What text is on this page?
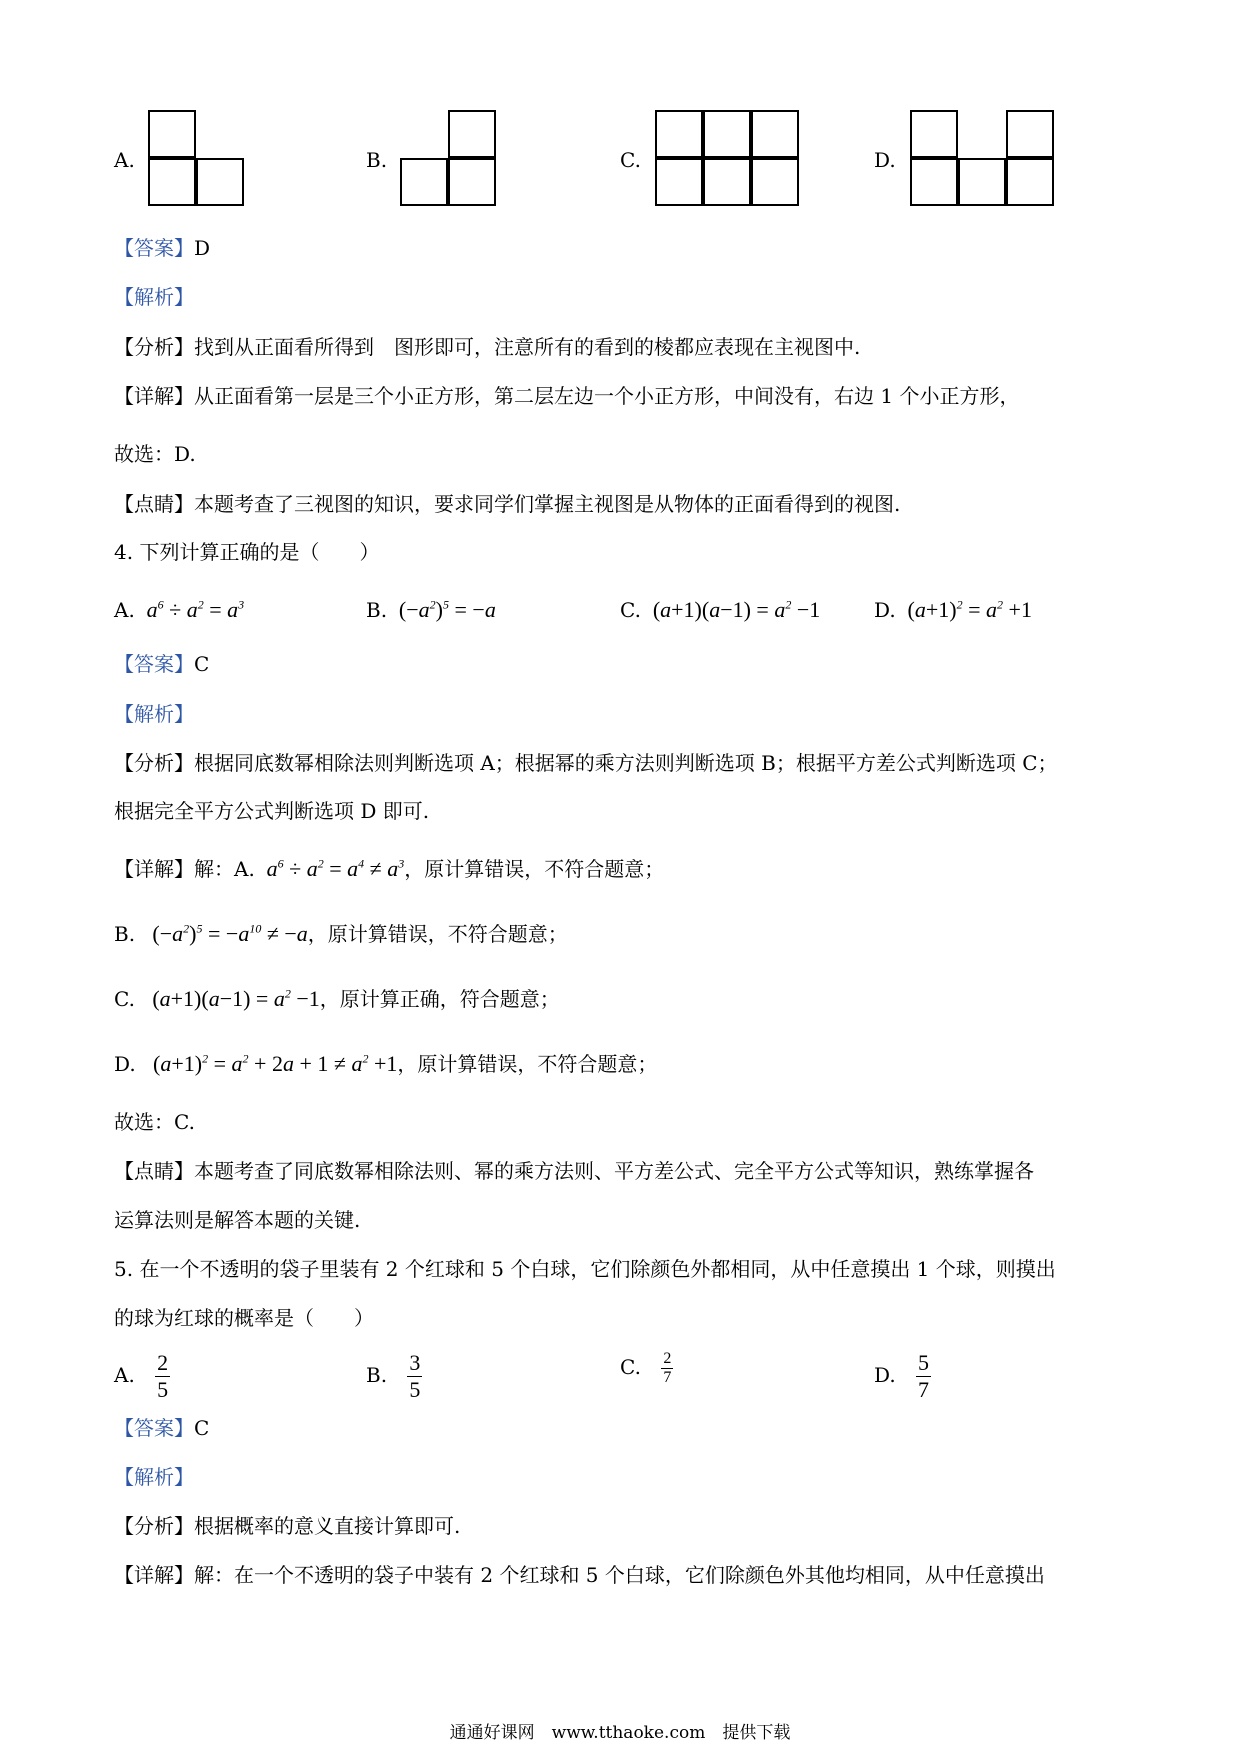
A.	B.	C.	D.
【答案】D
【解析】
【分析】找到从正面看所得到　图形即可，注意所有的看到的棱都应表现在主视图中.
【详解】从正面看第一层是三个小正方形，第二层左边一个小正方形，中间没有，右边 1 个小正方形，
故选：D.
【点睛】本题考查了三视图的知识，要求同学们掌握主视图是从物体的正面看得到的视图.
4. 下列计算正确的是（　　）
A.  $a^6 \div a^2 = a^3$	B. $(-a^2)^5 = -a$	C. $(a+1)(a-1) = a^2 -1$	D. $(a+1)^2 = a^2 +1$
【答案】C
【解析】
【分析】根据同底数幂相除法则判断选项 A；根据幂的乘方法则判断选项 B；根据平方差公式判断选项 C；
根据完全平方公式判断选项 D 即可.
【详解】解：A.  $a^6 \div a^2 = a^4 \ne a^3$，原计算错误，不符合题意；
B. $(-a^2)^5 = -a^{10} \ne -a$，原计算错误，不符合题意；
C. $(a+1)(a-1) = a^2 -1$，原计算正确，符合题意；
D. $(a+1)^2 = a^2 + 2a + 1 \ne a^2 +1$，原计算错误，不符合题意；
故选：C.
【点睛】本题考查了同底数幂相除法则、幂的乘方法则、平方差公式、完全平方公式等知识，熟练掌握各
运算法则是解答本题的关键.
5. 在一个不透明的袋子里装有 2 个红球和 5 个白球，它们除颜色外都相同，从中任意摸出 1 个球，则摸出
的球为红球的概率是（　　）
A. $\frac{2}{5}$	B. $\frac{3}{5}$	C. $\frac{2}{7}$	D. $\frac{5}{7}$
【答案】C
【解析】
【分析】根据概率的意义直接计算即可.
【详解】解：在一个不透明的袋子中装有 2 个红球和 5 个白球，它们除颜色外其他均相同，从中任意摸出
通通好课网　www.tthaoke.com　提供下载
